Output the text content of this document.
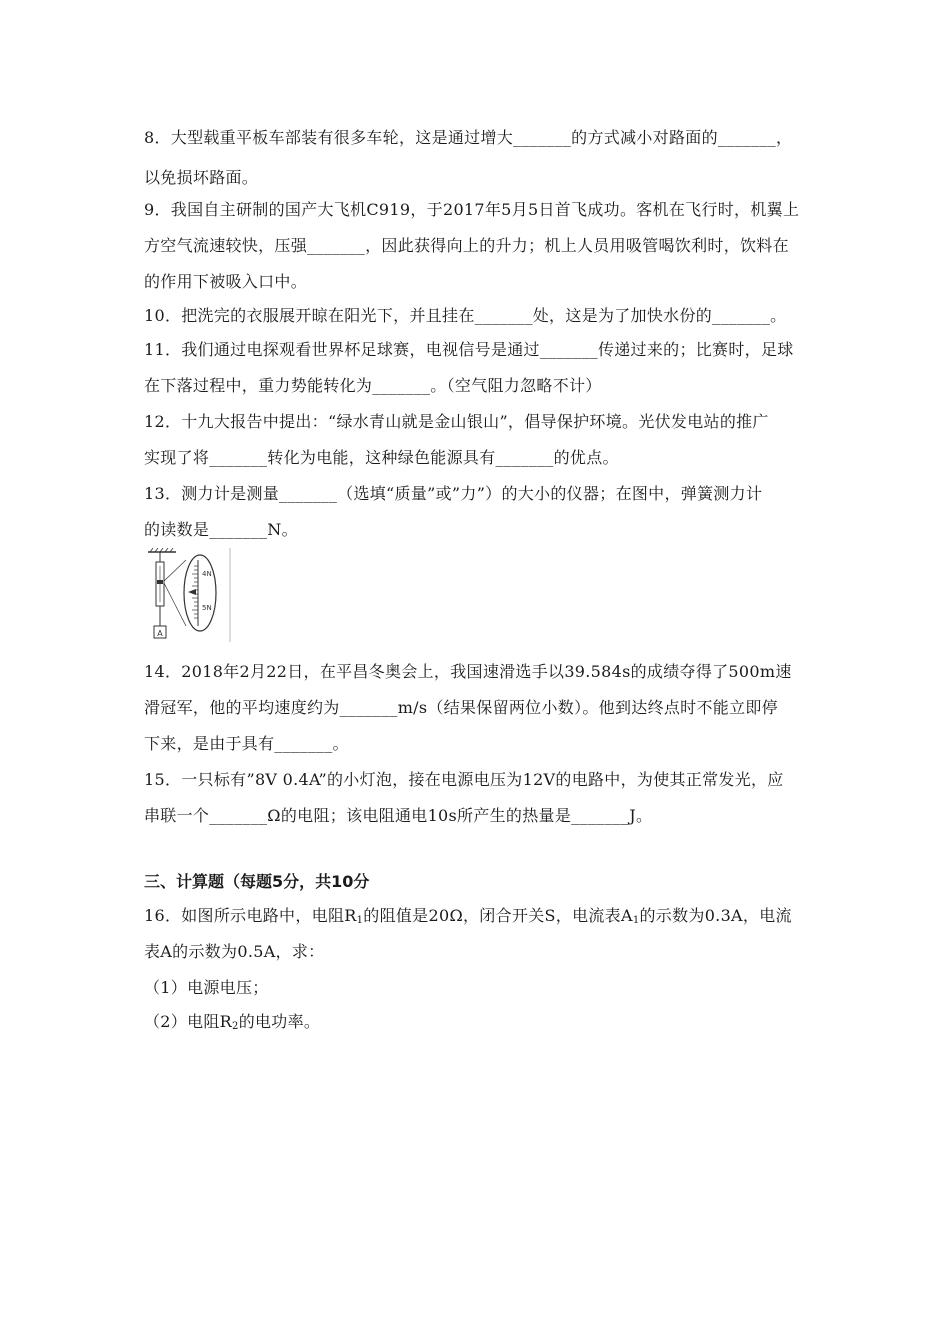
8．大型载重平板车部装有很多车轮，这是通过增大_______的方式减小对路面的_______，
以免损坏路面。
9．我国自主研制的国产大飞机C919，于2017年5月5日首飞成功。客机在飞行时，机翼上
方空气流速较快，压强_______，因此获得向上的升力；机上人员用吸管喝饮利时，饮料在
的作用下被吸入口中。
10．把洗完的衣服展开晾在阳光下，并且挂在_______处，这是为了加快水份的_______。
11．我们通过电探观看世界杯足球赛，电视信号是通过_______传递过来的；比赛时，足球
在下落过程中，重力势能转化为_______。（空气阻力忽略不计）
12．十九大报告中提出：“绿水青山就是金山银山”，倡导保护环境。光伏发电站的推广
实现了将_______转化为电能，这种绿色能源具有_______的优点。
13．测力计是测量_______（选填“质量”或”力”）的大小的仪器；在图中，弹簧测力计
的读数是_______N。
A
4N
5N
14．2018年2月22日，在平昌冬奥会上，我国速滑选手以39.584s的成绩夺得了500m速
滑冠军，他的平均速度约为_______m/s（结果保留两位小数）。他到达终点时不能立即停
下来，是由于具有_______。
15．一只标有”8V 0.4A”的小灯泡，接在电源电压为12V的电路中，为使其正常发光，应
串联一个_______Ω的电阻；该电阻通电10s所产生的热量是_______J。
三、计算题（每题5分，共10分
16．如图所示电路中，电阻$R_1$的阻值是20Ω，闭合开关S，电流表$A_1$的示数为0.3A，电流
表A的示数为0.5A，求：
（1）电源电压；
（2）电阻$R_2$的电功率。
